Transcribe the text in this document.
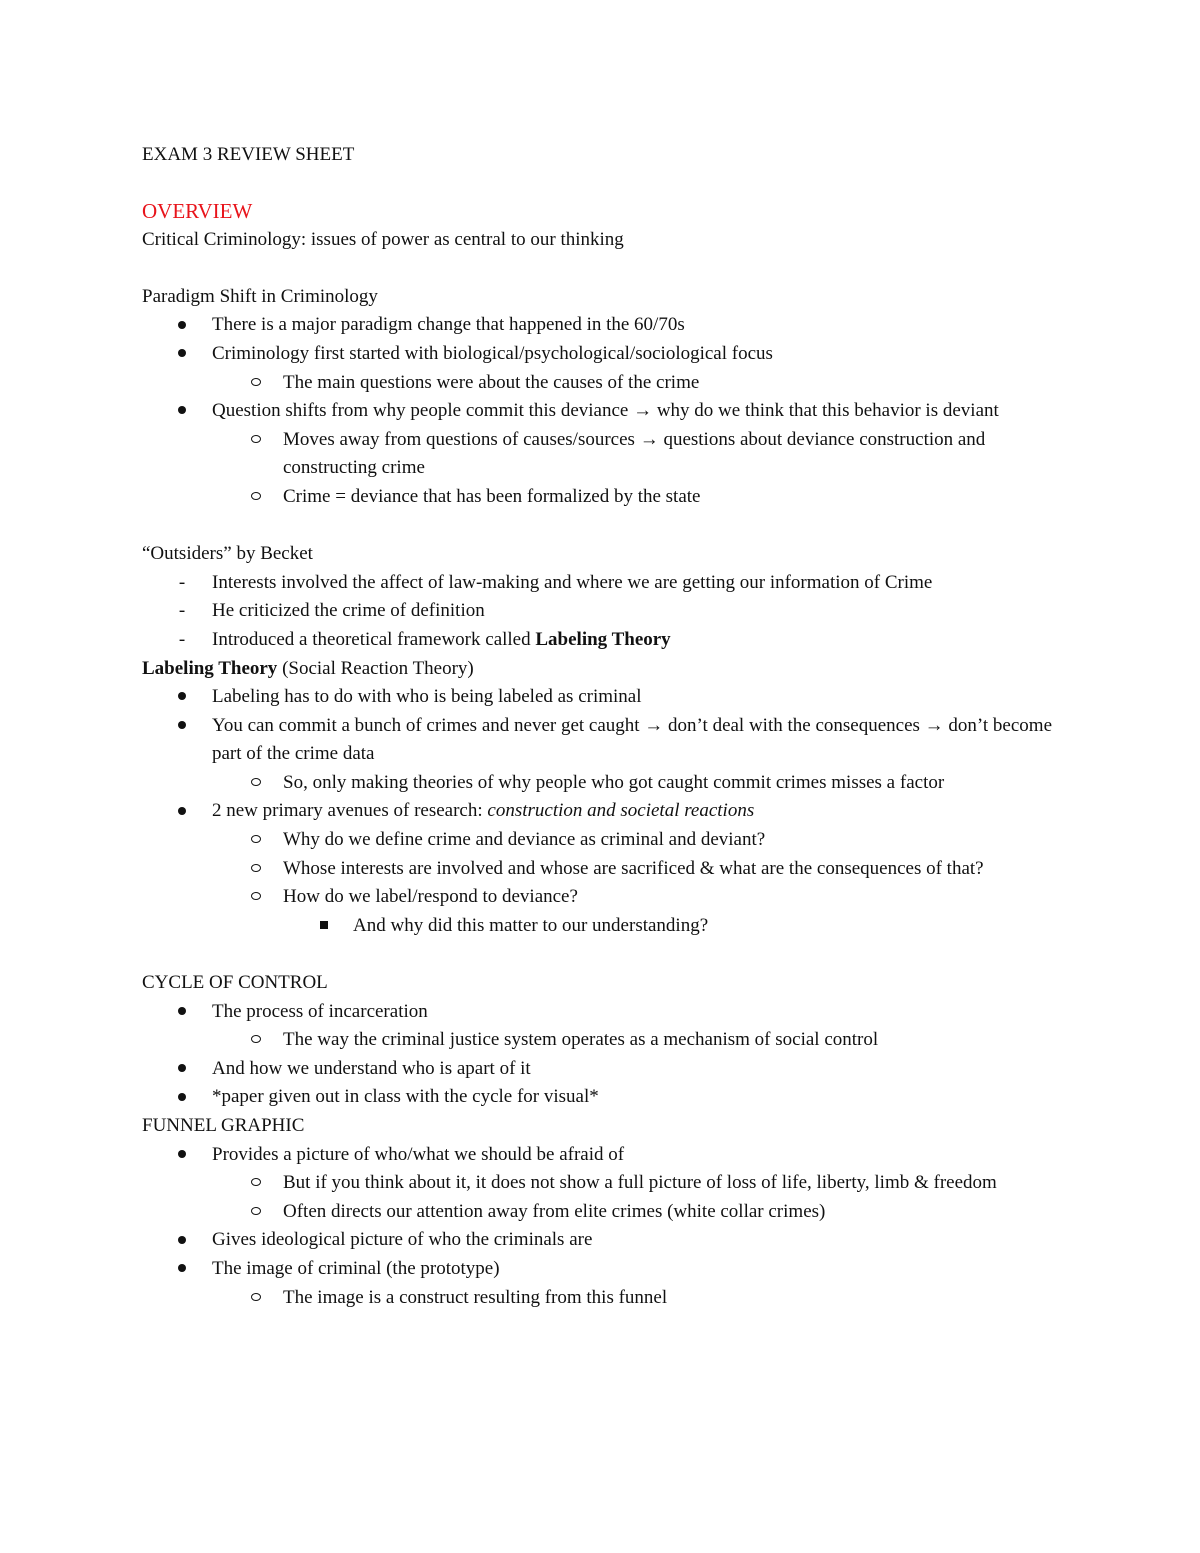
EXAM 3 REVIEW SHEET
OVERVIEW
Critical Criminology: issues of power as central to our thinking
Paradigm Shift in Criminology
There is a major paradigm change that happened in the 60/70s
Criminology first started with biological/psychological/sociological focus
The main questions were about the causes of the crime
Question shifts from why people commit this deviance → why do we think that this behavior is deviant
Moves away from questions of causes/sources → questions about deviance construction and constructing crime
Crime = deviance that has been formalized by the state
“Outsiders” by Becket
-	Interests involved the affect of law-making and where we are getting our information of Crime
-	He criticized the crime of definition
-	Introduced a theoretical framework called Labeling Theory
Labeling Theory (Social Reaction Theory)
Labeling has to do with who is being labeled as criminal
You can commit a bunch of crimes and never get caught → don’t deal with the consequences → don’t become part of the crime data
So, only making theories of why people who got caught commit crimes misses a factor
2 new primary avenues of research: construction and societal reactions
Why do we define crime and deviance as criminal and deviant?
Whose interests are involved and whose are sacrificed & what are the consequences of that?
How do we label/respond to deviance?
And why did this matter to our understanding?
CYCLE OF CONTROL
The process of incarceration
The way the criminal justice system operates as a mechanism of social control
And how we understand who is apart of it
*paper given out in class with the cycle for visual*
FUNNEL GRAPHIC
Provides a picture of who/what we should be afraid of
But if you think about it, it does not show a full picture of loss of life, liberty, limb & freedom
Often directs our attention away from elite crimes (white collar crimes)
Gives ideological picture of who the criminals are
The image of criminal (the prototype)
The image is a construct resulting from this funnel
